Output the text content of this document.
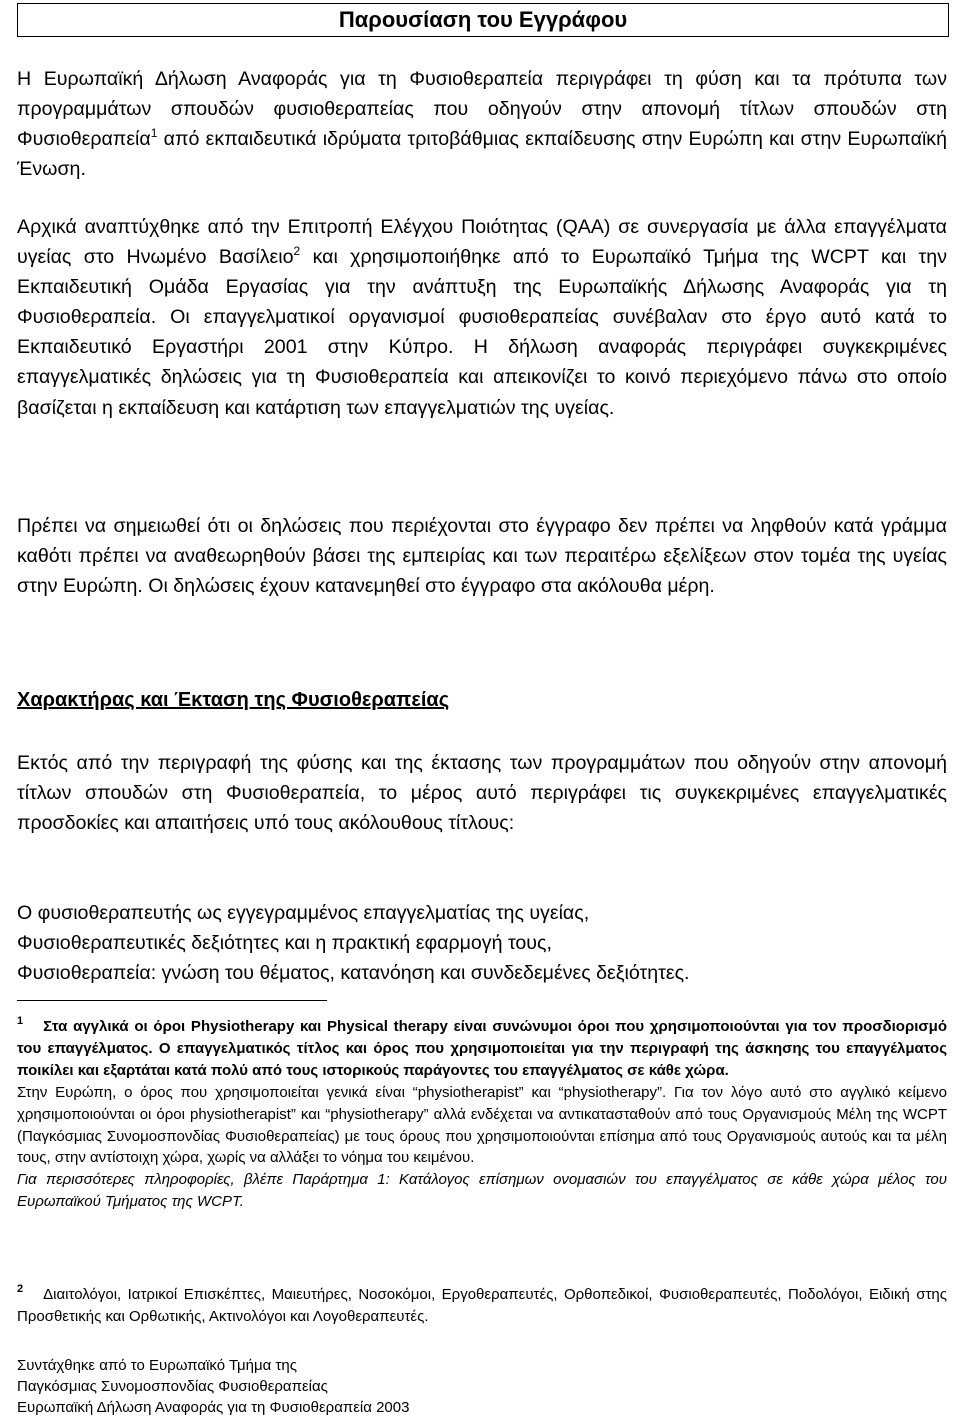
Παρουσίαση του Εγγράφου
Η Ευρωπαϊκή Δήλωση Αναφοράς για τη Φυσιοθεραπεία περιγράφει τη φύση και τα πρότυπα των προγραμμάτων σπουδών φυσιοθεραπείας που οδηγούν στην απονομή τίτλων σπουδών στη Φυσιοθεραπεία$^1$ από εκπαιδευτικά ιδρύματα τριτοβάθμιας εκπαίδευσης στην Ευρώπη και στην Ευρωπαϊκή Ένωση.
Αρχικά αναπτύχθηκε από την Επιτροπή Ελέγχου Ποιότητας (QAA) σε συνεργασία με άλλα επαγγέλματα υγείας στο Ηνωμένο Βασίλειο$^2$ και χρησιμοποιήθηκε από το Ευρωπαϊκό Τμήμα της WCPT και την Εκπαιδευτική Ομάδα Εργασίας για την ανάπτυξη της Ευρωπαϊκής Δήλωσης Αναφοράς για τη Φυσιοθεραπεία. Οι επαγγελματικοί οργανισμοί φυσιοθεραπείας συνέβαλαν στο έργο αυτό κατά το Εκπαιδευτικό Εργαστήρι 2001 στην Κύπρο. Η δήλωση αναφοράς περιγράφει συγκεκριμένες επαγγελματικές δηλώσεις για τη Φυσιοθεραπεία και απεικονίζει το κοινό περιεχόμενο πάνω στο οποίο βασίζεται η εκπαίδευση και κατάρτιση των επαγγελματιών της υγείας.
Πρέπει να σημειωθεί ότι οι δηλώσεις που περιέχονται στο έγγραφο δεν πρέπει να ληφθούν κατά γράμμα καθότι πρέπει να αναθεωρηθούν βάσει της εμπειρίας και των περαιτέρω εξελίξεων στον τομέα της υγείας στην Ευρώπη. Οι δηλώσεις έχουν κατανεμηθεί στο έγγραφο στα ακόλουθα μέρη.
Χαρακτήρας και Έκταση της Φυσιοθεραπείας
Εκτός από την περιγραφή της φύσης και της έκτασης των προγραμμάτων που οδηγούν στην απονομή τίτλων σπουδών στη Φυσιοθεραπεία, το μέρος αυτό περιγράφει τις συγκεκριμένες επαγγελματικές προσδοκίες και απαιτήσεις υπό τους ακόλουθους τίτλους:
Ο φυσιοθεραπευτής ως εγγεγραμμένος επαγγελματίας της υγείας,
Φυσιοθεραπευτικές δεξιότητες και η πρακτική εφαρμογή τους,
Φυσιοθεραπεία: γνώση του θέματος, κατανόηση και συνδεδεμένες δεξιότητες.
$^1$ Στα αγγλικά οι όροι Physiotherapy και Physical therapy είναι συνώνυμοι όροι που χρησιμοποιούνται για τον προσδιορισμό του επαγγέλματος. Ο επαγγελματικός τίτλος και όρος που χρησιμοποιείται για την περιγραφή της άσκησης του επαγγέλματος ποικίλει και εξαρτάται κατά πολύ από τους ιστορικούς παράγοντες του επαγγέλματος σε κάθε χώρα.
Στην Ευρώπη, ο όρος που χρησιμοποιείται γενικά είναι “physiotherapist” και “physiotherapy”. Για τον λόγο αυτό στο αγγλικό κείμενο χρησιμοποιούνται οι όροι physiotherapist” και “physiotherapy” αλλά ενδέχεται να αντικατασταθούν από τους Οργανισμούς Μέλη της WCPT (Παγκόσμιας Συνομοσπονδίας Φυσιοθεραπείας) με τους όρους που χρησιμοποιούνται επίσημα από τους Οργανισμούς αυτούς και τα μέλη τους, στην αντίστοιχη χώρα, χωρίς να αλλάξει το νόημα του κειμένου.
Για περισσότερες πληροφορίες, βλέπε Παράρτημα 1: Κατάλογος επίσημων ονομασιών του επαγγέλματος σε κάθε χώρα μέλος του Ευρωπαϊκού Τμήματος της WCPT.
$^2$ Διαιτολόγοι, Ιατρικοί Επισκέπτες, Μαιευτήρες, Νοσοκόμοι, Εργοθεραπευτές, Ορθοπεδικοί, Φυσιοθεραπευτές, Ποδολόγοι, Ειδική στης Προσθετικής και Ορθωτικής, Ακτινολόγοι και Λογοθεραπευτές.
Συντάχθηκε από το Ευρωπαϊκό Τμήμα της
Παγκόσμιας Συνομοσπονδίας Φυσιοθεραπείας
Ευρωπαϊκή Δήλωση Αναφοράς για τη Φυσιοθεραπεία 2003
